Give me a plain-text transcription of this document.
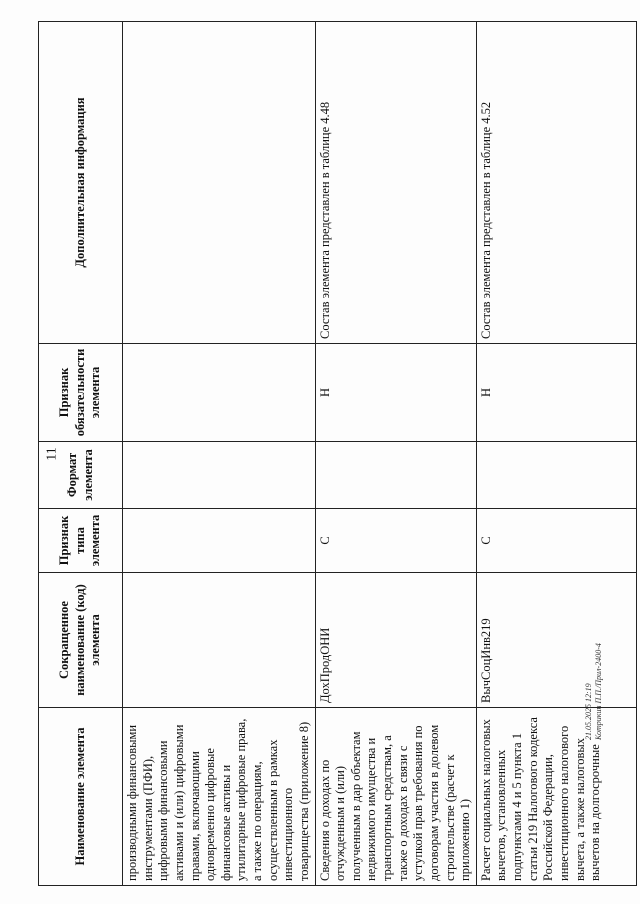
Наименование элемента	Сокращенное наименование (код) элемента	Признак типа элемента	Формат элемента	Признак обязательности элемента	Дополнительная информация
производными финансовыми инструментами (ПФИ), цифровыми финансовыми активами и (или) цифровыми правами, включающими одновременно цифровые финансовые активы и утилитарные цифровые права, а также по операциям, осуществленным в рамках инвестиционного товарищества (приложение 8)					
Сведения о доходах по отчужденным и (или) полученным в дар объектам недвижимого имущества и транспортным средствам, а также о доходах в связи с уступкой прав требования по договорам участия в долевом строительстве (расчет к приложению 1)	ДохПродОНИ	С		Н	Состав элемента представлен в таблице 4.48
Расчет социальных налоговых вычетов, установленных подпунктами 4 и 5 пункта 1 статьи 219 Налогового кодекса Российской Федерации, инвестиционного налогового вычета, а также налоговых вычетов на долгосрочные	ВычСоцИнв219	С		Н	Состав элемента представлен в таблице 4.52
11
21.05.2025 12:19 Котрикин П.П./Прил-2400-4
